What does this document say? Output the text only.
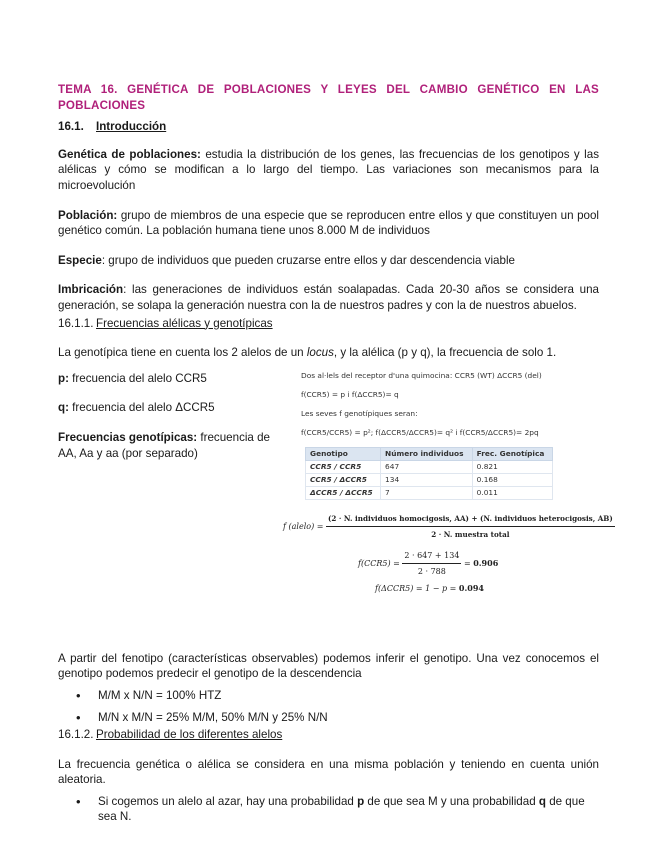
TEMA 16. GENÉTICA DE POBLACIONES Y LEYES DEL CAMBIO GENÉTICO EN LAS POBLACIONES
16.1. Introducción

Genética de poblaciones: estudia la distribución de los genes, las frecuencias de los genotipos y las alélicas y cómo se modifican a lo largo del tiempo. Las variaciones son mecanismos para la microevolución

Población: grupo de miembros de una especie que se reproducen entre ellos y que constituyen un pool genético común. La población humana tiene unos 8.000 M de individuos

Especie: grupo de individuos que pueden cruzarse entre ellos y dar descendencia viable

Imbricación: las generaciones de individuos están soalapadas. Cada 20-30 años se considera una generación, se solapa la generación nuestra con la de nuestros padres y con la de nuestros abuelos.

16.1.1. Frecuencias alélicas y genotípicas

La genotípica tiene en cuenta los 2 alelos de un locus, y la alélica (p y q), la frecuencia de solo 1.

p: frecuencia del alelo CCR5

q: frecuencia del alelo ΔCCR5

Frecuencias genotípicas: frecuencia de AA, Aa y aa (por separado)

Dos al·lels del receptor d'una quimocina: CCR5 (WT) ΔCCR5 (del)
f(CCR5) = p i f(ΔCCR5)= q
Les seves f genotípiques seran:
f(CCR5/CCR5) = p²; f(ΔCCR5/ΔCCR5)= q² i f(CCR5/ΔCCR5)= 2pq
Genotipo	Número individuos	Frec. Genotípica
CCR5 / CCR5	647	0.821
CCR5 / ΔCCR5	134	0.168
ΔCCR5 / ΔCCR5	7	0.011
f (alelo) =
(2 · N. individuos homocigosis, AA) + (N. individuos heterocigosis, AB)
2 · N. muestra total
$f(CCR5) = \frac{2 \cdot 647 + 134}{2 \cdot 788} = 0.906$
f(ΔCCR5) = 1 − p = 0.094

A partir del fenotipo (características observables) podemos inferir el genotipo. Una vez conocemos el genotipo podemos predecir el genotipo de la descendencia

• M/M x N/N = 100% HTZ
• M/N x M/N = 25% M/M, 50% M/N y 25% N/N
16.1.2. Probabilidad de los diferentes alelos

La frecuencia genética o alélica se considera en una misma población y teniendo en cuenta unión aleatoria.

• Si cogemos un alelo al azar, hay una probabilidad p de que sea M y una probabilidad q de que sea N.
